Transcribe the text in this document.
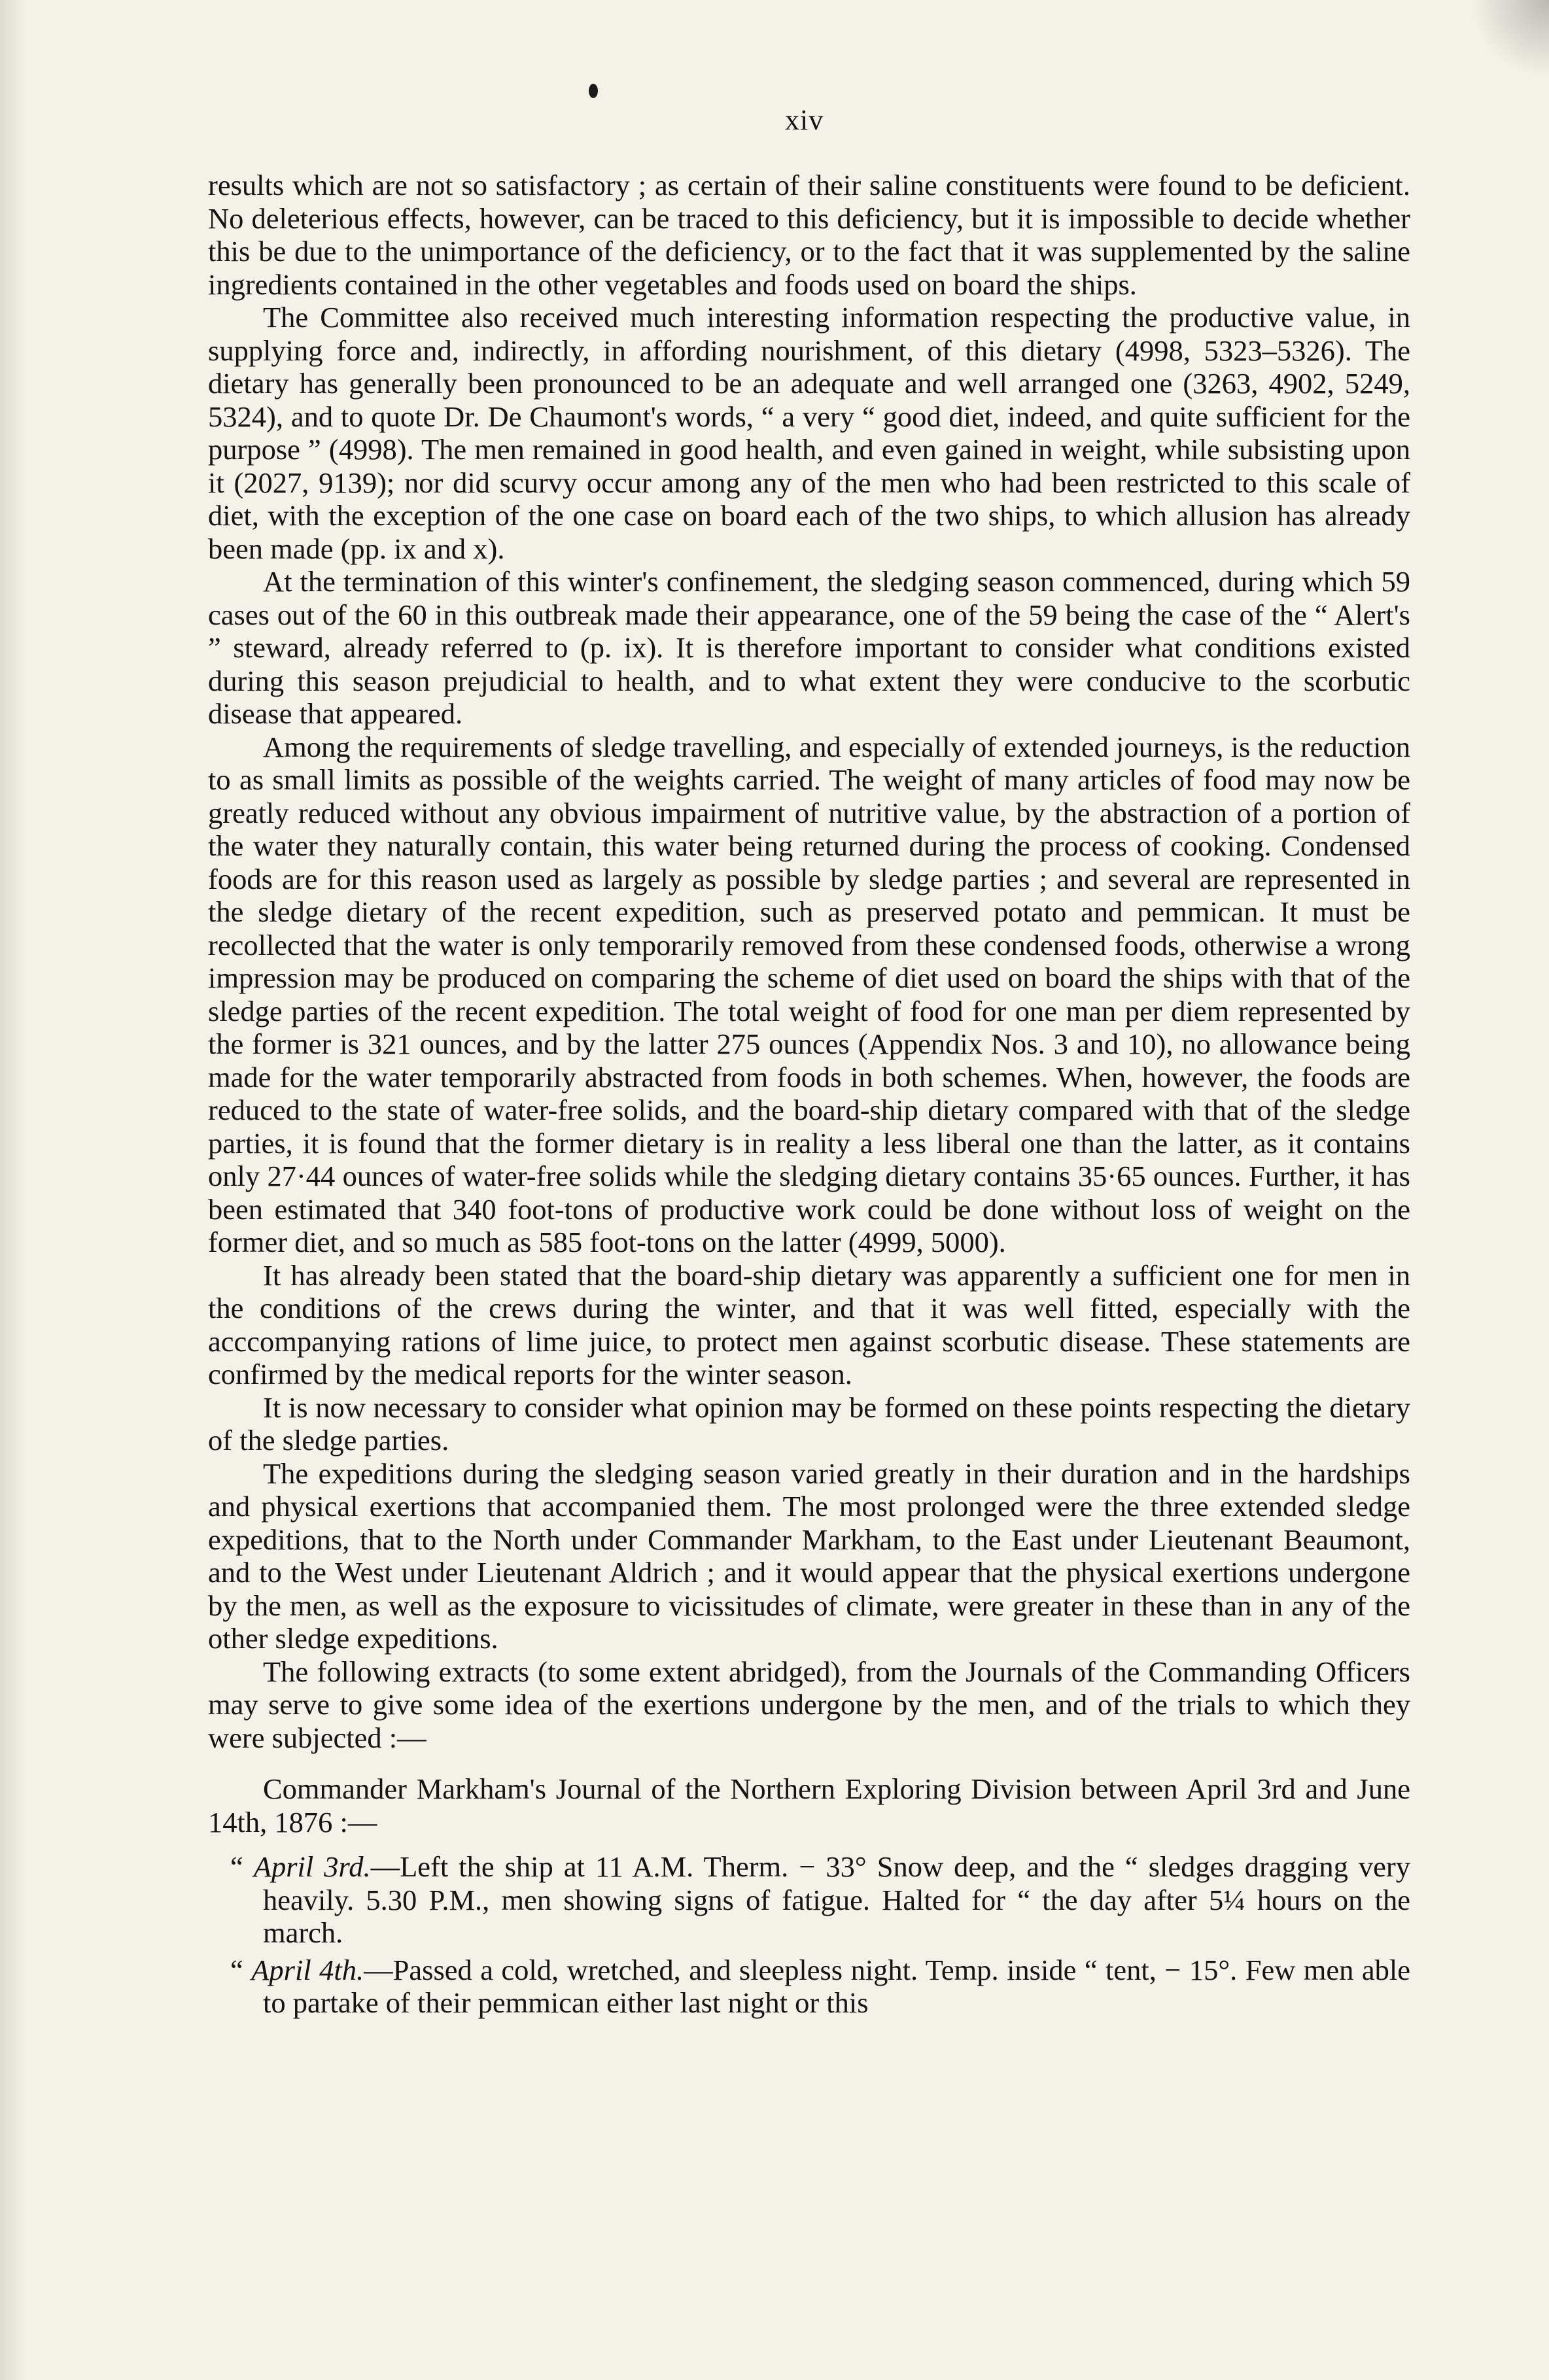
xiv

results which are not so satisfactory ; as certain of their saline constituents were found to be deficient. No deleterious effects, however, can be traced to this deficiency, but it is impossible to decide whether this be due to the unimportance of the deficiency, or to the fact that it was supplemented by the saline ingredients contained in the other vegetables and foods used on board the ships.

The Committee also received much interesting information respecting the productive value, in supplying force and, indirectly, in affording nourishment, of this dietary (4998, 5323–5326). The dietary has generally been pronounced to be an adequate and well arranged one (3263, 4902, 5249, 5324), and to quote Dr. De Chaumont's words, “ a very “ good diet, indeed, and quite sufficient for the purpose ” (4998). The men remained in good health, and even gained in weight, while subsisting upon it (2027, 9139); nor did scurvy occur among any of the men who had been restricted to this scale of diet, with the exception of the one case on board each of the two ships, to which allusion has already been made (pp. ix and x).

At the termination of this winter's confinement, the sledging season commenced, during which 59 cases out of the 60 in this outbreak made their appearance, one of the 59 being the case of the “ Alert's ” steward, already referred to (p. ix). It is therefore important to consider what conditions existed during this season prejudicial to health, and to what extent they were conducive to the scorbutic disease that appeared.

Among the requirements of sledge travelling, and especially of extended journeys, is the reduction to as small limits as possible of the weights carried. The weight of many articles of food may now be greatly reduced without any obvious impairment of nutritive value, by the abstraction of a portion of the water they naturally contain, this water being returned during the process of cooking. Condensed foods are for this reason used as largely as possible by sledge parties ; and several are represented in the sledge dietary of the recent expedition, such as preserved potato and pemmican. It must be recollected that the water is only temporarily removed from these condensed foods, otherwise a wrong impression may be produced on comparing the scheme of diet used on board the ships with that of the sledge parties of the recent expedition. The total weight of food for one man per diem represented by the former is 321 ounces, and by the latter 275 ounces (Appendix Nos. 3 and 10), no allowance being made for the water temporarily abstracted from foods in both schemes. When, however, the foods are reduced to the state of water-free solids, and the board-ship dietary compared with that of the sledge parties, it is found that the former dietary is in reality a less liberal one than the latter, as it contains only 27·44 ounces of water-free solids while the sledging dietary contains 35·65 ounces. Further, it has been estimated that 340 foot-tons of productive work could be done without loss of weight on the former diet, and so much as 585 foot-tons on the latter (4999, 5000).

It has already been stated that the board-ship dietary was apparently a sufficient one for men in the conditions of the crews during the winter, and that it was well fitted, especially with the acccompanying rations of lime juice, to protect men against scorbutic disease. These statements are confirmed by the medical reports for the winter season.

It is now necessary to consider what opinion may be formed on these points respecting the dietary of the sledge parties.

The expeditions during the sledging season varied greatly in their duration and in the hardships and physical exertions that accompanied them. The most prolonged were the three extended sledge expeditions, that to the North under Commander Markham, to the East under Lieutenant Beaumont, and to the West under Lieutenant Aldrich ; and it would appear that the physical exertions undergone by the men, as well as the exposure to vicissitudes of climate, were greater in these than in any of the other sledge expeditions.

The following extracts (to some extent abridged), from the Journals of the Commanding Officers may serve to give some idea of the exertions undergone by the men, and of the trials to which they were subjected :—

Commander Markham's Journal of the Northern Exploring Division between April 3rd and June 14th, 1876 :—

“ April 3rd.—Left the ship at 11 A.M. Therm. − 33° Snow deep, and the “ sledges dragging very heavily. 5.30 P.M., men showing signs of fatigue. Halted for “ the day after 5¼ hours on the march.

“ April 4th.—Passed a cold, wretched, and sleepless night. Temp. inside “ tent, − 15°. Few men able to partake of their pemmican either last night or this
